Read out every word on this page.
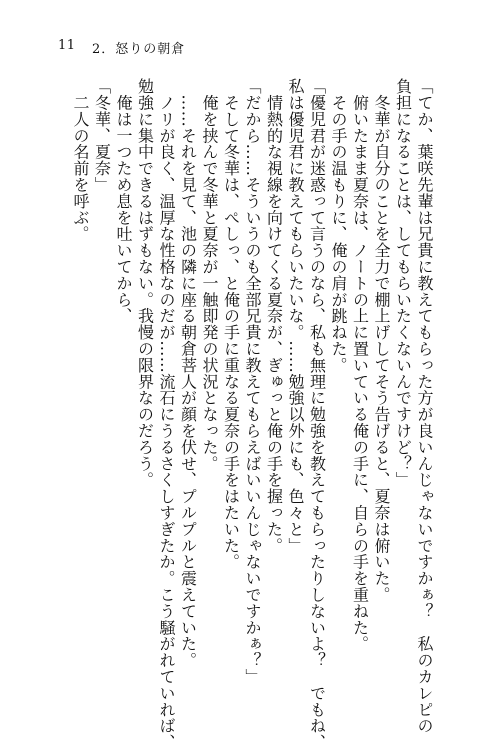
11 2．怒りの朝倉
「てか、葉咲先輩は兄貴に教えてもらった方が良いんじゃないですかぁ？　私のカレピの
負担になることは、してもらいたくないんですけど？」
　冬華が自分のことを全力で棚上げしてそう告げると、夏奈は俯いた。
　俯いたまま夏奈は、ノートの上に置いている俺の手に、自らの手を重ねた。
　その手の温もりに、俺の肩が跳ねた。
「優児君が迷惑って言うのなら、私も無理に勉強を教えてもらったりしないよ？　でもね、
私は優児君に教えてもらいたいな。……勉強以外にも、色々と」
　情熱的な視線を向けてくる夏奈が、ぎゅっと俺の手を握った。
「だから……そういうのも全部兄貴に教えてもらえばいいんじゃないですかぁ？」
　そして冬華は、ぺしっ、と俺の手に重なる夏奈の手をはたいた。
　俺を挟んで冬華と夏奈が一触即発の状況となった。
　……それを見て、池の隣に座る朝倉菩人が顔を伏せ、プルプルと震えていた。
　ノリが良く、温厚な性格なのだが……流石にうるさくしすぎたか。こう騒がれていれば、
勉強に集中できるはずもない。我慢の限界なのだろう。
　俺は一つため息を吐いてから、
「冬華、夏奈」
　二人の名前を呼ぶ。
